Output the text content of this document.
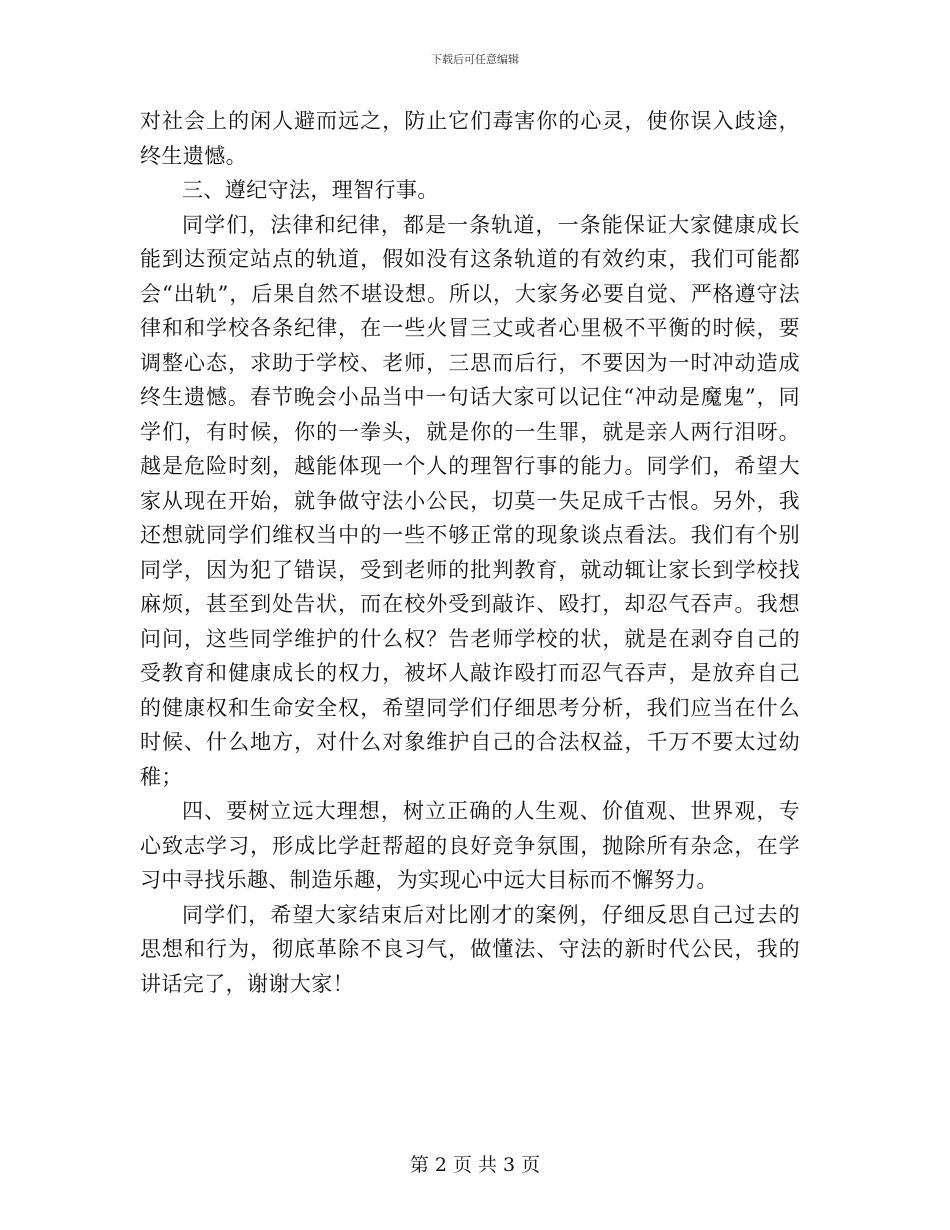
下载后可任意编辑

对社会上的闲人避而远之，防止它们毒害你的心灵，使你误入歧途，终生遗憾。

三、遵纪守法，理智行事。

同学们，法律和纪律，都是一条轨道，一条能保证大家健康成长能到达预定站点的轨道，假如没有这条轨道的有效约束，我们可能都会“出轨”，后果自然不堪设想。所以，大家务必要自觉、严格遵守法律和和学校各条纪律，在一些火冒三丈或者心里极不平衡的时候，要调整心态，求助于学校、老师，三思而后行，不要因为一时冲动造成终生遗憾。春节晚会小品当中一句话大家可以记住“冲动是魔鬼”，同学们，有时候，你的一拳头，就是你的一生罪，就是亲人两行泪呀。越是危险时刻，越能体现一个人的理智行事的能力。同学们，希望大家从现在开始，就争做守法小公民，切莫一失足成千古恨。另外，我还想就同学们维权当中的一些不够正常的现象谈点看法。我们有个别同学，因为犯了错误，受到老师的批判教育，就动辄让家长到学校找麻烦，甚至到处告状，而在校外受到敲诈、殴打，却忍气吞声。我想问问，这些同学维护的什么权？告老师学校的状，就是在剥夺自己的受教育和健康成长的权力，被坏人敲诈殴打而忍气吞声，是放弃自己的健康权和生命安全权，希望同学们仔细思考分析，我们应当在什么时候、什么地方，对什么对象维护自己的合法权益，千万不要太过幼稚；

四、要树立远大理想，树立正确的人生观、价值观、世界观，专心致志学习，形成比学赶帮超的良好竞争氛围，抛除所有杂念，在学习中寻找乐趣、制造乐趣，为实现心中远大目标而不懈努力。

同学们，希望大家结束后对比刚才的案例，仔细反思自己过去的思想和行为，彻底革除不良习气，做懂法、守法的新时代公民，我的讲话完了，谢谢大家！

第 2 页 共 3 页
